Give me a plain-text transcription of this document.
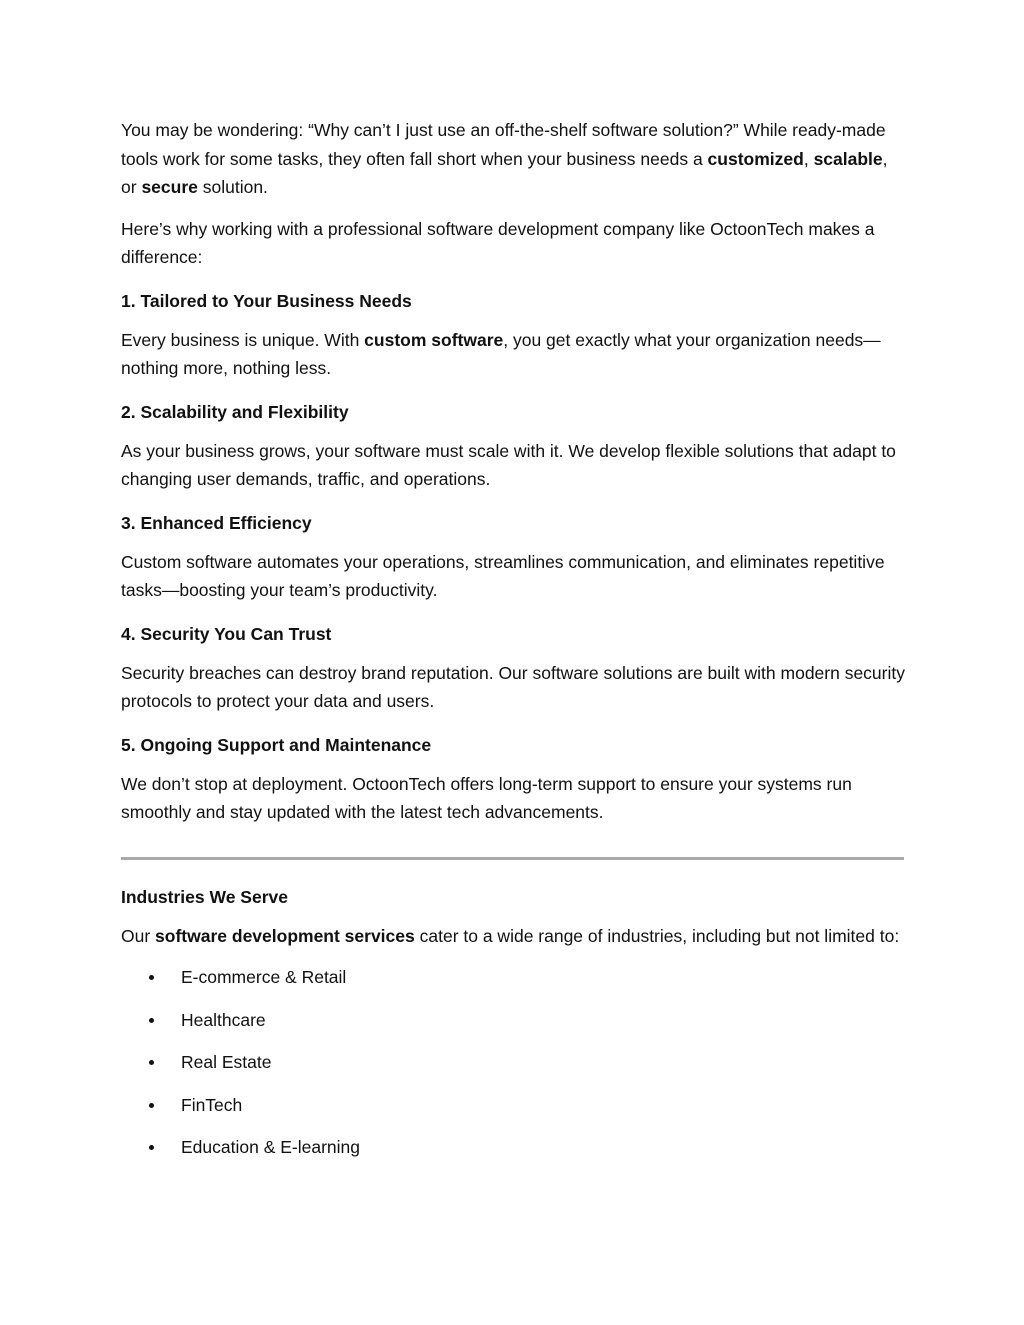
You may be wondering: “Why can’t I just use an off-the-shelf software solution?” While ready-made tools work for some tasks, they often fall short when your business needs a customized, scalable, or secure solution.

Here’s why working with a professional software development company like OctoonTech makes a difference:

1. Tailored to Your Business Needs

Every business is unique. With custom software, you get exactly what your organization needs—nothing more, nothing less.

2. Scalability and Flexibility

As your business grows, your software must scale with it. We develop flexible solutions that adapt to changing user demands, traffic, and operations.

3. Enhanced Efficiency

Custom software automates your operations, streamlines communication, and eliminates repetitive tasks—boosting your team’s productivity.

4. Security You Can Trust

Security breaches can destroy brand reputation. Our software solutions are built with modern security protocols to protect your data and users.

5. Ongoing Support and Maintenance

We don’t stop at deployment. OctoonTech offers long-term support to ensure your systems run smoothly and stay updated with the latest tech advancements.

Industries We Serve

Our software development services cater to a wide range of industries, including but not limited to:

E-commerce & Retail
Healthcare
Real Estate
FinTech
Education & E-learning
